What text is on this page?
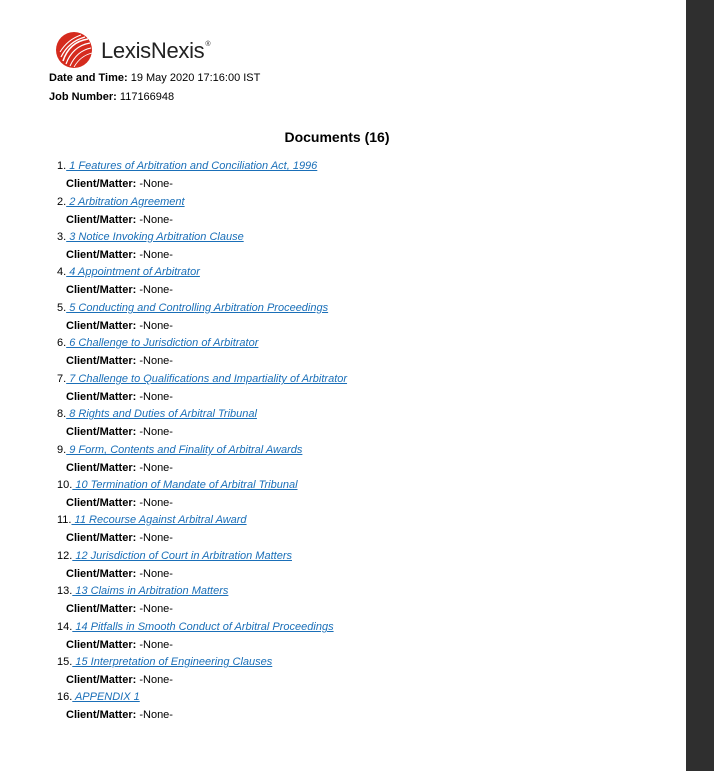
LexisNexis®
Date and Time: 19 May 2020 17:16:00 IST
Job Number: 117166948
Documents (16)
1. 1 Features of Arbitration and Conciliation Act, 1996
Client/Matter: -None-
2. 2 Arbitration Agreement
Client/Matter: -None-
3. 3 Notice Invoking Arbitration Clause
Client/Matter: -None-
4. 4 Appointment of Arbitrator
Client/Matter: -None-
5. 5 Conducting and Controlling Arbitration Proceedings
Client/Matter: -None-
6. 6 Challenge to Jurisdiction of Arbitrator
Client/Matter: -None-
7. 7 Challenge to Qualifications and Impartiality of Arbitrator
Client/Matter: -None-
8. 8 Rights and Duties of Arbitral Tribunal
Client/Matter: -None-
9. 9 Form, Contents and Finality of Arbitral Awards
Client/Matter: -None-
10. 10 Termination of Mandate of Arbitral Tribunal
Client/Matter: -None-
11. 11 Recourse Against Arbitral Award
Client/Matter: -None-
12. 12 Jurisdiction of Court in Arbitration Matters
Client/Matter: -None-
13. 13 Claims in Arbitration Matters
Client/Matter: -None-
14. 14 Pitfalls in Smooth Conduct of Arbitral Proceedings
Client/Matter: -None-
15. 15 Interpretation of Engineering Clauses
Client/Matter: -None-
16. APPENDIX 1
Client/Matter: -None-
